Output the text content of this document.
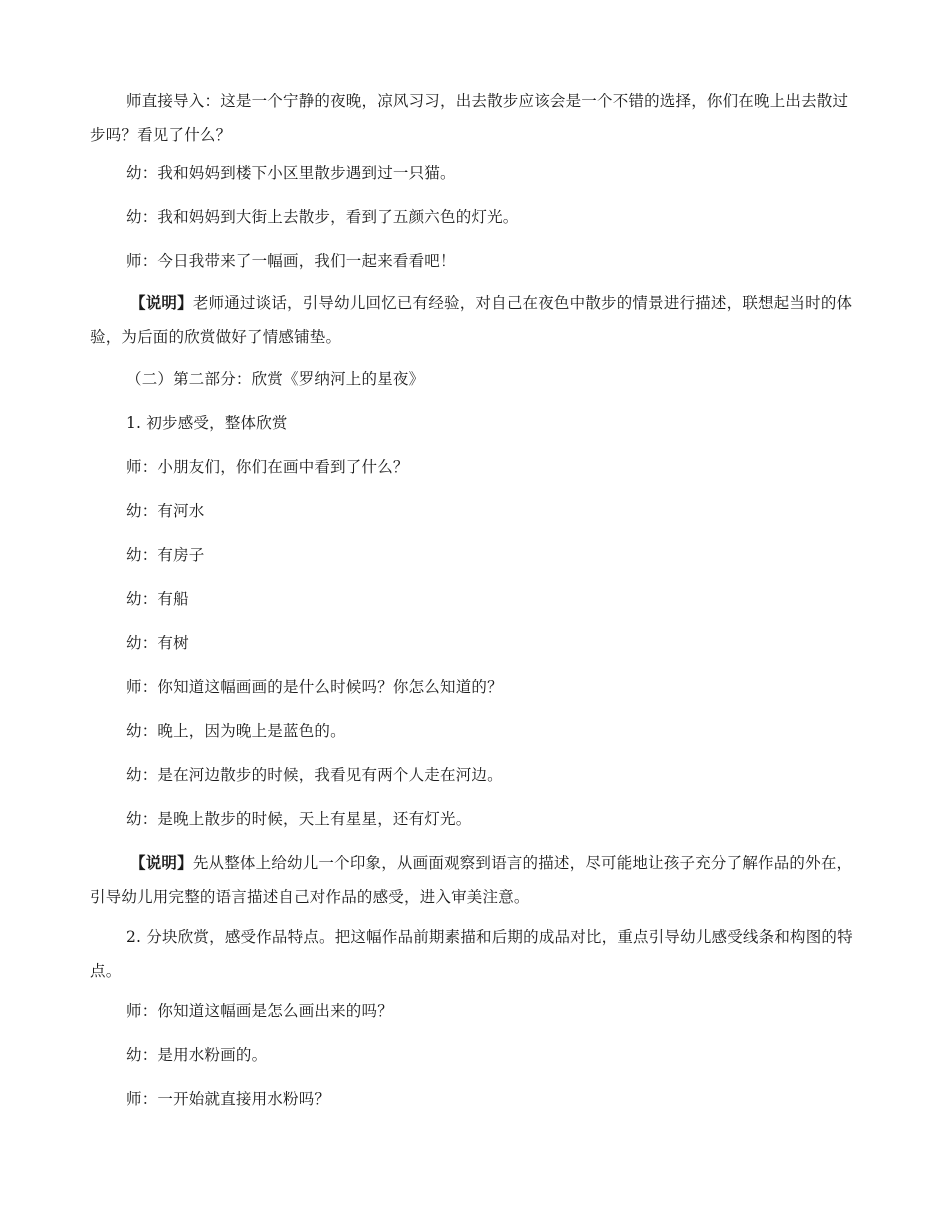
师直接导入：这是一个宁静的夜晚，凉风习习，出去散步应该会是一个不错的选择，你们在晚上出去散过步吗？看见了什么？
幼：我和妈妈到楼下小区里散步遇到过一只猫。
幼：我和妈妈到大街上去散步，看到了五颜六色的灯光。
师：今日我带来了一幅画，我们一起来看看吧！
【说明】老师通过谈话，引导幼儿回忆已有经验，对自己在夜色中散步的情景进行描述，联想起当时的体验，为后面的欣赏做好了情感铺垫。
（二）第二部分：欣赏《罗纳河上的星夜》
1. 初步感受，整体欣赏
师：小朋友们，你们在画中看到了什么？
幼：有河水
幼：有房子
幼：有船
幼：有树
师：你知道这幅画画的是什么时候吗？你怎么知道的？
幼：晚上，因为晚上是蓝色的。
幼：是在河边散步的时候，我看见有两个人走在河边。
幼：是晚上散步的时候，天上有星星，还有灯光。
【说明】先从整体上给幼儿一个印象，从画面观察到语言的描述，尽可能地让孩子充分了解作品的外在，引导幼儿用完整的语言描述自己对作品的感受，进入审美注意。
2. 分块欣赏，感受作品特点。把这幅作品前期素描和后期的成品对比，重点引导幼儿感受线条和构图的特点。
师：你知道这幅画是怎么画出来的吗？
幼：是用水粉画的。
师：一开始就直接用水粉吗？
